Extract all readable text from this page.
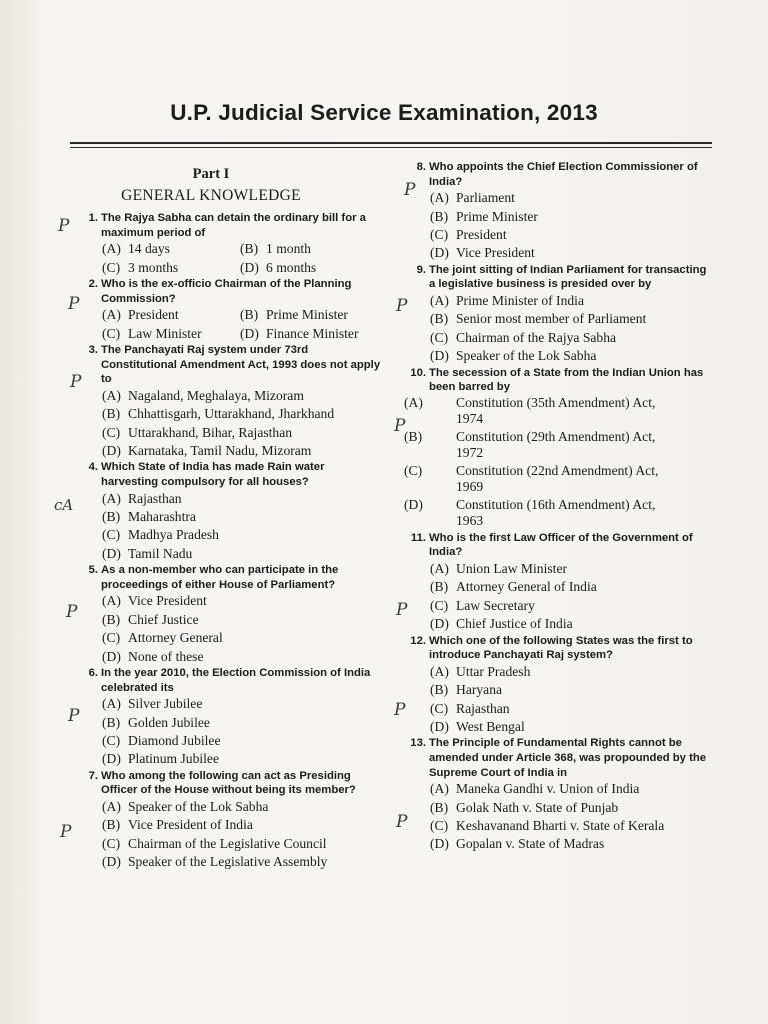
U.P. Judicial Service Examination, 2013
Part I
GENERAL KNOWLEDGE
1. The Rajya Sabha can detain the ordinary bill for a maximum period of
(A) 14 days	(B) 1 month
(C) 3 months	(D) 6 months
2. Who is the ex-officio Chairman of the Planning Commission?
(A) President	(B) Prime Minister
(C) Law Minister	(D) Finance Minister
3. The Panchayati Raj system under 73rd Constitutional Amendment Act, 1993 does not apply to
(A) Nagaland, Meghalaya, Mizoram
(B) Chhattisgarh, Uttarakhand, Jharkhand
(C) Uttarakhand, Bihar, Rajasthan
(D) Karnataka, Tamil Nadu, Mizoram
4. Which State of India has made Rain water harvesting compulsory for all houses?
(A) Rajasthan
(B) Maharashtra
(C) Madhya Pradesh
(D) Tamil Nadu
5. As a non-member who can participate in the proceedings of either House of Parliament?
(A) Vice President
(B) Chief Justice
(C) Attorney General
(D) None of these
6. In the year 2010, the Election Commission of India celebrated its
(A) Silver Jubilee
(B) Golden Jubilee
(C) Diamond Jubilee
(D) Platinum Jubilee
7. Who among the following can act as Presiding Officer of the House without being its member?
(A) Speaker of the Lok Sabha
(B) Vice President of India
(C) Chairman of the Legislative Council
(D) Speaker of the Legislative Assembly
8. Who appoints the Chief Election Commissioner of India?
(A) Parliament
(B) Prime Minister
(C) President
(D) Vice President
9. The joint sitting of Indian Parliament for transacting a legislative business is presided over by
(A) Prime Minister of India
(B) Senior most member of Parliament
(C) Chairman of the Rajya Sabha
(D) Speaker of the Lok Sabha
10. The secession of a State from the Indian Union has been barred by
(A) Constitution (35th Amendment) Act,
1974
(B) Constitution (29th Amendment) Act,
1972
(C) Constitution (22nd Amendment) Act,
1969
(D) Constitution (16th Amendment) Act,
1963
11. Who is the first Law Officer of the Government of India?
(A) Union Law Minister
(B) Attorney General of India
(C) Law Secretary
(D) Chief Justice of India
12. Which one of the following States was the first to introduce Panchayati Raj system?
(A) Uttar Pradesh
(B) Haryana
(C) Rajasthan
(D) West Bengal
13. The Principle of Fundamental Rights cannot be amended under Article 368, was propounded by the Supreme Court of India in
(A) Maneka Gandhi v. Union of India
(B) Golak Nath v. State of Punjab
(C) Keshavanand Bharti v. State of Kerala
(D) Gopalan v. State of Madras
P
P
P
cA
P
P
P
P
P
P
P
P
P
